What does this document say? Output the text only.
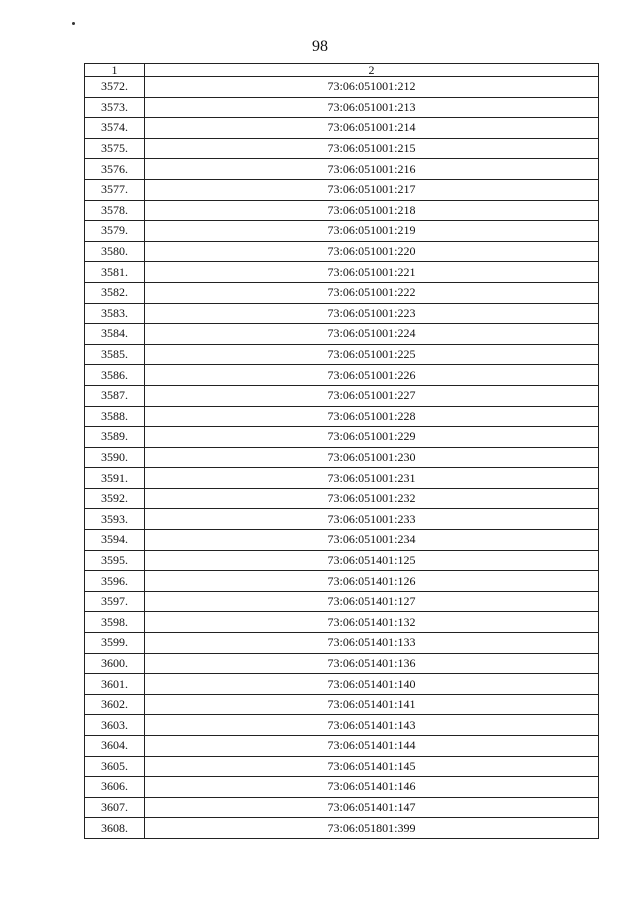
98
1	2
3572.	73:06:051001:212
3573.	73:06:051001:213
3574.	73:06:051001:214
3575.	73:06:051001:215
3576.	73:06:051001:216
3577.	73:06:051001:217
3578.	73:06:051001:218
3579.	73:06:051001:219
3580.	73:06:051001:220
3581.	73:06:051001:221
3582.	73:06:051001:222
3583.	73:06:051001:223
3584.	73:06:051001:224
3585.	73:06:051001:225
3586.	73:06:051001:226
3587.	73:06:051001:227
3588.	73:06:051001:228
3589.	73:06:051001:229
3590.	73:06:051001:230
3591.	73:06:051001:231
3592.	73:06:051001:232
3593.	73:06:051001:233
3594.	73:06:051001:234
3595.	73:06:051401:125
3596.	73:06:051401:126
3597.	73:06:051401:127
3598.	73:06:051401:132
3599.	73:06:051401:133
3600.	73:06:051401:136
3601.	73:06:051401:140
3602.	73:06:051401:141
3603.	73:06:051401:143
3604.	73:06:051401:144
3605.	73:06:051401:145
3606.	73:06:051401:146
3607.	73:06:051401:147
3608.	73:06:051801:399
